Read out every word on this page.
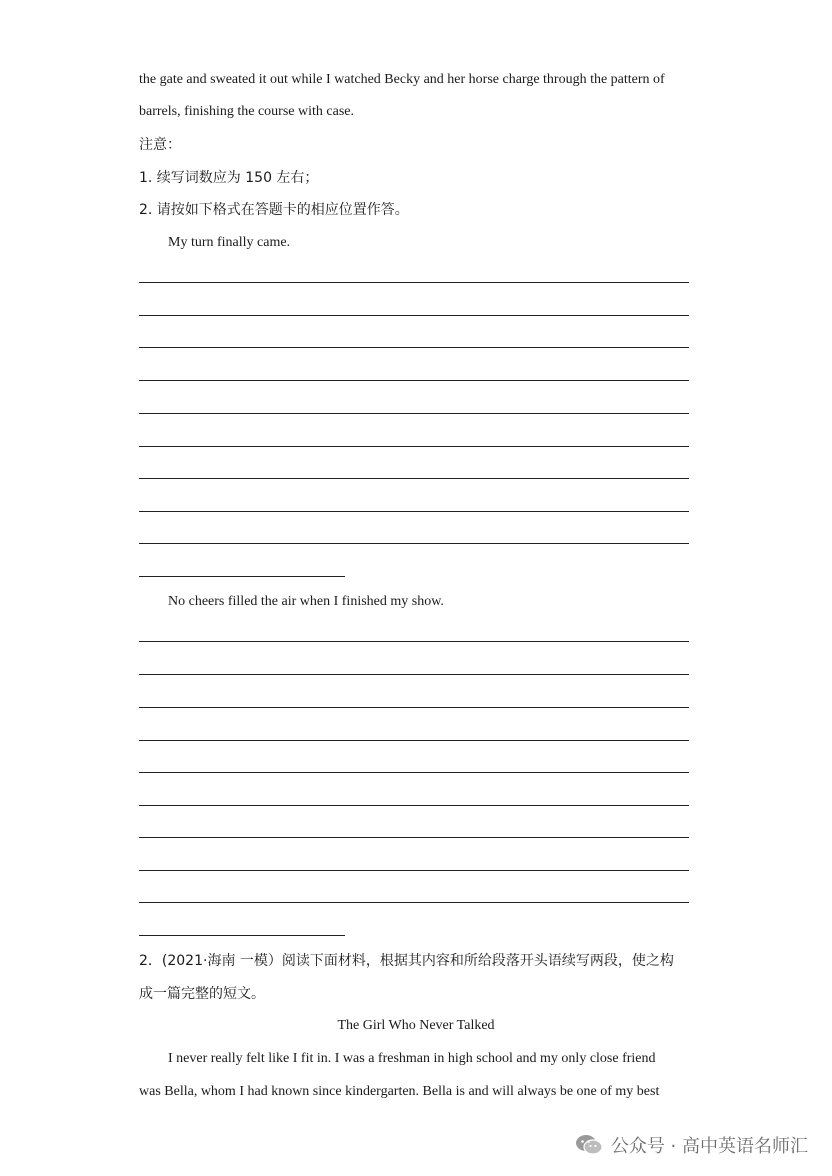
the gate and sweated it out while I watched Becky and her horse charge through the pattern of
barrels, finishing the course with case.
注意：
1. 续写词数应为 150 左右；
2. 请按如下格式在答题卡的相应位置作答。
My turn finally came.
No cheers filled the air when I finished my show.
2．(2021·海南 一模）阅读下面材料，根据其内容和所给段落开头语续写两段，使之构
成一篇完整的短文。
The Girl Who Never Talked
I never really felt like I fit in. I was a freshman in high school and my only close friend
was Bella, whom I had known since kindergarten. Bella is and will always be one of my best
公众号 · 高中英语名师汇
